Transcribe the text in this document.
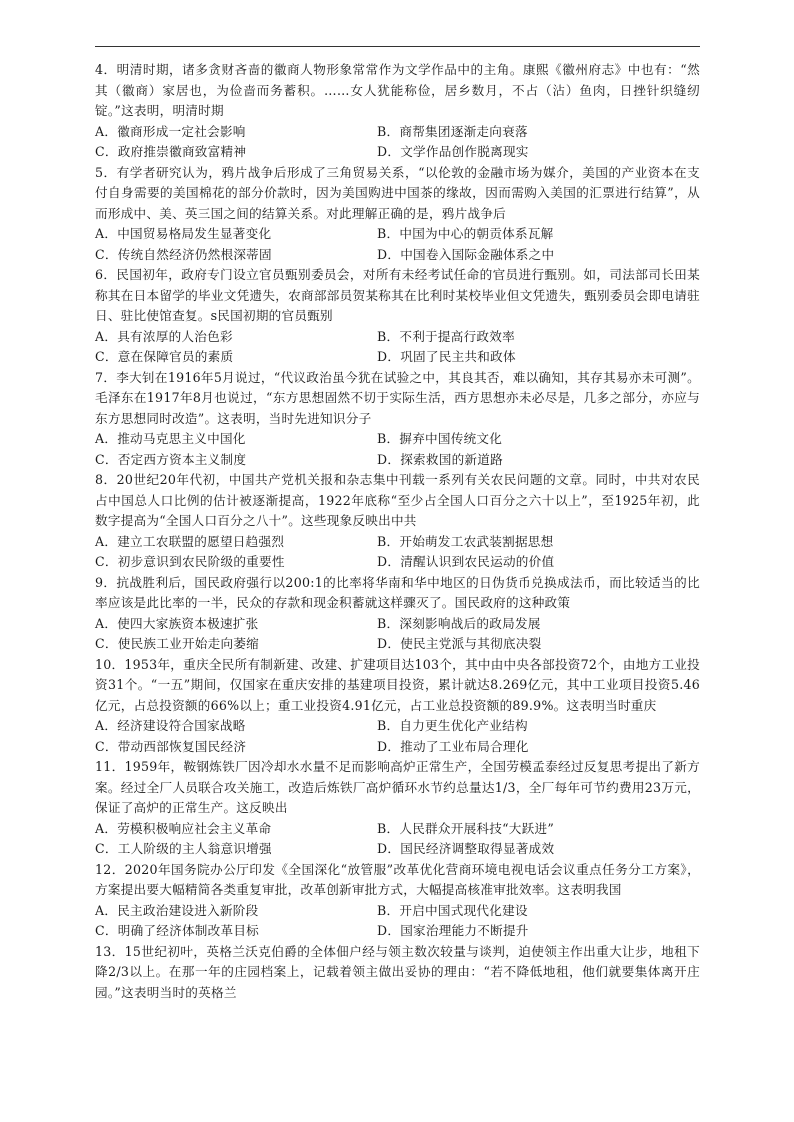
4．明清时期，诸多贪财吝啬的徽商人物形象常常作为文学作品中的主角。康熙《徽州府志》中也有：“然其（徽商）家居也，为俭啬而务蓄积。……女人犹能称俭，居乡数月，不占（沾）鱼肉，日挫针织缝纫锭。”这表明，明清时期

A．徽商形成一定社会影响	B．商帮集团逐渐走向衰落
C．政府推崇徽商致富精神	D．文学作品创作脱离现实

5．有学者研究认为，鸦片战争后形成了三角贸易关系，“以伦敦的金融市场为媒介，美国的产业资本在支付自身需要的美国棉花的部分价款时，因为美国购进中国茶的缘故，因而需购入美国的汇票进行结算”，从而形成中、美、英三国之间的结算关系。对此理解正确的是，鸦片战争后

A．中国贸易格局发生显著变化	B．中国为中心的朝贡体系瓦解
C．传统自然经济仍然根深蒂固	D．中国卷入国际金融体系之中

6．民国初年，政府专门设立官员甄别委员会，对所有未经考试任命的官员进行甄别。如，司法部司长田某称其在日本留学的毕业文凭遗失，农商部部员贺某称其在比利时某校毕业但文凭遗失，甄别委员会即电请驻日、驻比使馆查复。s民国初期的官员甄别

A．具有浓厚的人治色彩	B．不利于提高行政效率
C．意在保障官员的素质	D．巩固了民主共和政体

7．李大钊在1916年5月说过，“代议政治虽今犹在试验之中，其良其否，难以确知，其存其易亦未可测”。毛泽东在1917年8月也说过，“东方思想固然不切于实际生活，西方思想亦未必尽是，几多之部分，亦应与东方思想同时改造”。这表明，当时先进知识分子

A．推动马克思主义中国化	B．摒弃中国传统文化
C．否定西方资本主义制度	D．探索救国的新道路

8．20世纪20年代初，中国共产党机关报和杂志集中刊载一系列有关农民问题的文章。同时，中共对农民占中国总人口比例的估计被逐渐提高，1922年底称“至少占全国人口百分之六十以上”，至1925年初，此数字提高为“全国人口百分之八十”。这些现象反映出中共

A．建立工农联盟的愿望日趋强烈	B．开始萌发工农武装割据思想
C．初步意识到农民阶级的重要性	D．清醒认识到农民运动的价值

9．抗战胜利后，国民政府强行以200:1的比率将华南和华中地区的日伪货币兑换成法币，而比较适当的比率应该是此比率的一半，民众的存款和现金积蓄就这样骤灭了。国民政府的这种政策

A．使四大家族资本极速扩张	B．深刻影响战后的政局发展
C．使民族工业开始走向萎缩	D．使民主党派与其彻底决裂

10．1953年，重庆全民所有制新建、改建、扩建项目达103个，其中由中央各部投资72个，由地方工业投资31个。“一五”期间，仅国家在重庆安排的基建项目投资，累计就达8.269亿元，其中工业项目投资5.46亿元，占总投资额的66%以上；重工业投资4.91亿元，占工业总投资额的89.9%。这表明当时重庆

A．经济建设符合国家战略	B．自力更生优化产业结构
C．带动西部恢复国民经济	D．推动了工业布局合理化

11．1959年，鞍钢炼铁厂因冷却水水量不足而影响高炉正常生产，全国劳模孟泰经过反复思考提出了新方案。经过全厂人员联合攻关施工，改造后炼铁厂高炉循环水节约总量达1/3，全厂每年可节约费用23万元，保证了高炉的正常生产。这反映出

A．劳模积极响应社会主义革命	B．人民群众开展科技“大跃进”
C．工人阶级的主人翁意识增强	D．国民经济调整取得显著成效

12．2020年国务院办公厅印发《全国深化“放管服”改革优化营商环境电视电话会议重点任务分工方案》，方案提出要大幅精简各类重复审批，改革创新审批方式，大幅提高核准审批效率。这表明我国

A．民主政治建设进入新阶段	B．开启中国式现代化建设
C．明确了经济体制改革目标	D．国家治理能力不断提升

13．15世纪初叶，英格兰沃克伯爵的全体佃户经与领主数次较量与谈判，迫使领主作出重大让步，地租下降2/3以上。在那一年的庄园档案上，记载着领主做出妥协的理由：“若不降低地租，他们就要集体离开庄园。”这表明当时的英格兰
